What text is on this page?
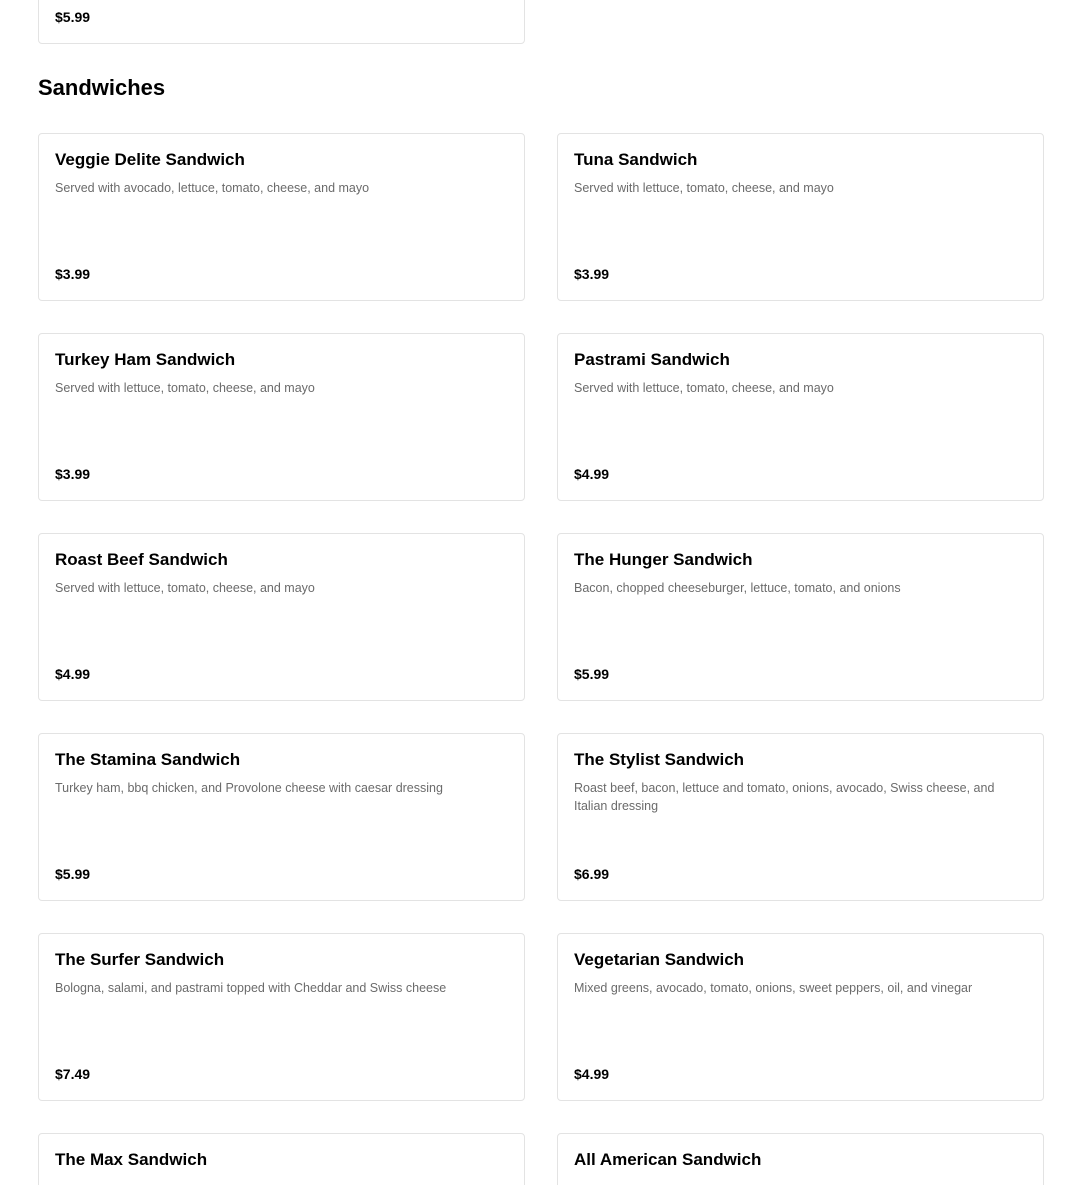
$5.99
Sandwiches
Veggie Delite Sandwich
Served with avocado, lettuce, tomato, cheese, and mayo
$3.99
Tuna Sandwich
Served with lettuce, tomato, cheese, and mayo
$3.99
Turkey Ham Sandwich
Served with lettuce, tomato, cheese, and mayo
$3.99
Pastrami Sandwich
Served with lettuce, tomato, cheese, and mayo
$4.99
Roast Beef Sandwich
Served with lettuce, tomato, cheese, and mayo
$4.99
The Hunger Sandwich
Bacon, chopped cheeseburger, lettuce, tomato, and onions
$5.99
The Stamina Sandwich
Turkey ham, bbq chicken, and Provolone cheese with caesar dressing
$5.99
The Stylist Sandwich
Roast beef, bacon, lettuce and tomato, onions, avocado, Swiss cheese, and Italian dressing
$6.99
The Surfer Sandwich
Bologna, salami, and pastrami topped with Cheddar and Swiss cheese
$7.49
Vegetarian Sandwich
Mixed greens, avocado, tomato, onions, sweet peppers, oil, and vinegar
$4.99
The Max Sandwich	All American Sandwich
